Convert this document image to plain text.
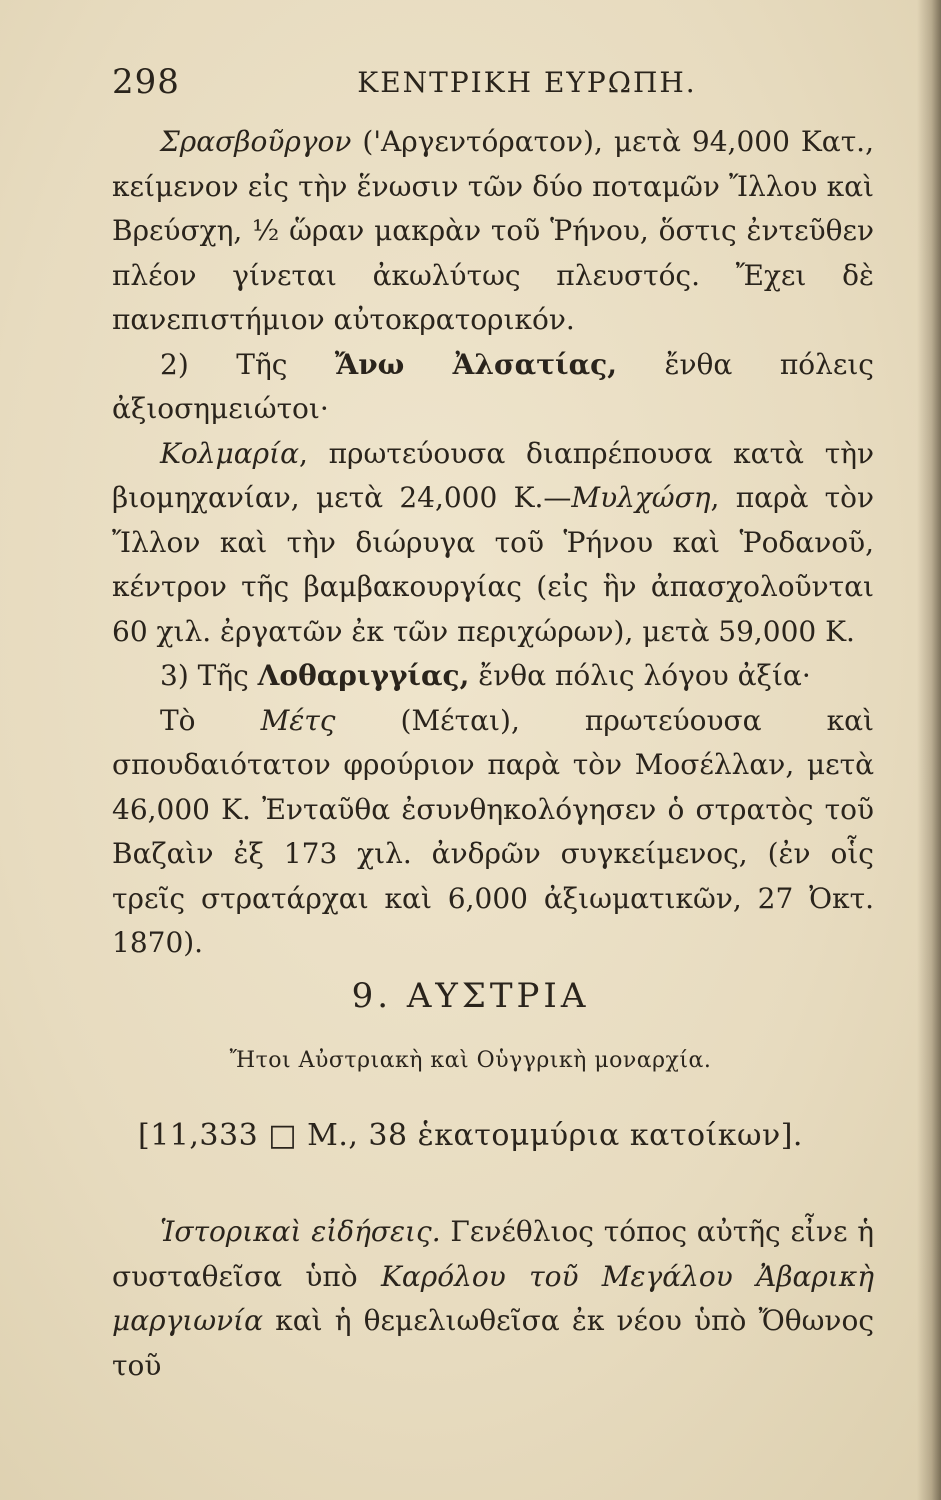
298	ΚΕΝΤΡΙΚΗ ΕΥΡΩΠΗ.

Σρασβοῦργον ('Αργεντόρατον), μετὰ 94,000 Κατ., κείμενον εἰς τὴν ἕνωσιν τῶν δύο ποταμῶν Ἴλλου καὶ Βρεύσχη, ½ ὥραν μακρὰν τοῦ Ῥήνου, ὅστις ἐντεῦθεν πλέον γίνεται ἀκωλύτως πλευστός. Ἔχει δὲ πανεπιστήμιον αὐτοκρατορικόν.

2) Τῆς Ἄνω Ἀλσατίας, ἔνθα πόλεις ἀξιοσημειώτοι·

Κολμαρία, πρωτεύουσα διαπρέπουσα κατὰ τὴν βιομηχανίαν, μετὰ 24,000 Κ.—Μυλχώση, παρὰ τὸν Ἴλλον καὶ τὴν διώρυγα τοῦ Ῥήνου καὶ Ῥοδανοῦ, κέντρον τῆς βαμβακουργίας (εἰς ἣν ἀπασχολοῦνται 60 χιλ. ἐργατῶν ἐκ τῶν περιχώρων), μετὰ 59,000 Κ.

3) Τῆς Λοθαριγγίας, ἔνθα πόλις λόγου ἀξία·

Τὸ Μέτς (Μέται), πρωτεύουσα καὶ σπουδαιότατον φρούριον παρὰ τὸν Μοσέλλαν, μετὰ 46,000 Κ. Ἐνταῦθα ἐσυνθηκολόγησεν ὁ στρατὸς τοῦ Βαζαὶν ἐξ 173 χιλ. ἀνδρῶν συγκείμενος, (ἐν οἷς τρεῖς στρατάρχαι καὶ 6,000 ἀξιωματικῶν, 27 Ὀκτ. 1870).

9. ΑΥΣΤΡΙΑ
Ἤτοι Αὐστριακὴ καὶ Οὑγγρικὴ μοναρχία.
[11,333 □ Μ., 38 ἑκατομμύρια κατοίκων].

Ἱστορικαὶ εἰδήσεις. Γενέθλιος τόπος αὐτῆς εἶνε ἡ συσταθεῖσα ὑπὸ Καρόλου τοῦ Μεγάλου Ἀβαρικὴ μαργιωνία καὶ ἡ θεμελιωθεῖσα ἐκ νέου ὑπὸ Ὄθωνος τοῦ
